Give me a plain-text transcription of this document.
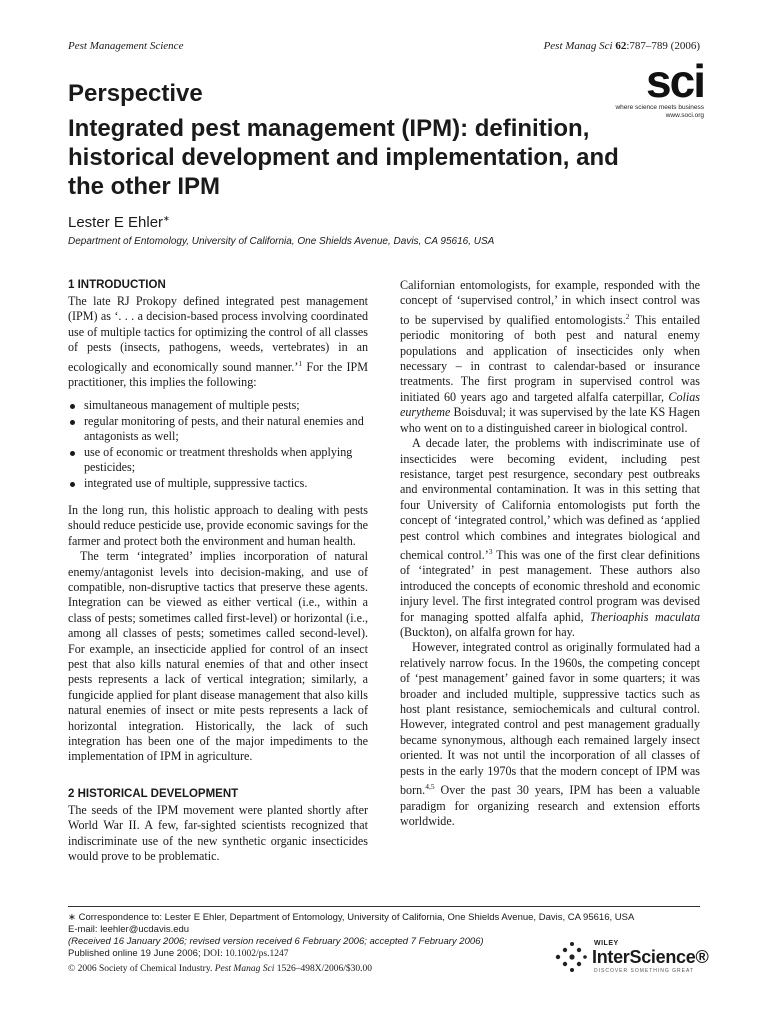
Pest Management Science	Pest Manag Sci 62:787–789 (2006)
sci
where science meets business
www.soci.org
Perspective
Integrated pest management (IPM): definition, historical development and implementation, and the other IPM
Lester E Ehler∗
Department of Entomology, University of California, One Shields Avenue, Davis, CA 95616, USA
1 INTRODUCTION

The late RJ Prokopy defined integrated pest management (IPM) as ‘. . . a decision-based process involving coordinated use of multiple tactics for optimizing the control of all classes of pests (insects, pathogens, weeds, vertebrates) in an ecologically and economically sound manner.’$^1$ For the IPM practitioner, this implies the following:

simultaneous management of multiple pests;
regular monitoring of pests, and their natural enemies and antagonists as well;
use of economic or treatment thresholds when applying pesticides;
integrated use of multiple, suppressive tactics.

In the long run, this holistic approach to dealing with pests should reduce pesticide use, provide economic savings for the farmer and protect both the environment and human health.

The term ‘integrated’ implies incorporation of natural enemy/antagonist levels into decision-making, and use of compatible, non-disruptive tactics that preserve these agents. Integration can be viewed as either vertical (i.e., within a class of pests; sometimes called first-level) or horizontal (i.e., among all classes of pests; sometimes called second-level). For example, an insecticide applied for control of an insect pest that also kills natural enemies of that and other insect pests represents a lack of vertical integration; similarly, a fungicide applied for plant disease management that also kills natural enemies of insect or mite pests represents a lack of horizontal integration. Historically, the lack of such integration has been one of the major impediments to the implementation of IPM in agriculture.

2 HISTORICAL DEVELOPMENT

The seeds of the IPM movement were planted shortly after World War II. A few, far-sighted scientists recognized that indiscriminate use of the new synthetic organic insecticides would prove to be problematic.

Californian entomologists, for example, responded with the concept of ‘supervised control,’ in which insect control was to be supervised by qualified entomologists.$^2$ This entailed periodic monitoring of both pest and natural enemy populations and application of insecticides only when necessary – in contrast to calendar-based or insurance treatments. The first program in supervised control was initiated 60 years ago and targeted alfalfa caterpillar, Colias eurytheme Boisduval; it was supervised by the late KS Hagen who went on to a distinguished career in biological control.

A decade later, the problems with indiscriminate use of insecticides were becoming evident, including pest resistance, target pest resurgence, secondary pest outbreaks and environmental contamination. It was in this setting that four University of California entomologists put forth the concept of ‘integrated control,’ which was defined as ‘applied pest control which combines and integrates biological and chemical control.’$^3$ This was one of the first clear definitions of ‘integrated’ in pest management. These authors also introduced the concepts of economic threshold and economic injury level. The first integrated control program was devised for managing spotted alfalfa aphid, Therioaphis maculata (Buckton), on alfalfa grown for hay.

However, integrated control as originally formulated had a relatively narrow focus. In the 1960s, the competing concept of ‘pest management’ gained favor in some quarters; it was broader and included multiple, suppressive tactics such as host plant resistance, semiochemicals and cultural control. However, integrated control and pest management gradually became synonymous, although each remained largely insect oriented. It was not until the incorporation of all classes of pests in the early 1970s that the modern concept of IPM was born.$^{4,5}$ Over the past 30 years, IPM has been a valuable paradigm for organizing research and extension efforts worldwide.

∗ Correspondence to: Lester E Ehler, Department of Entomology, University of California, One Shields Avenue, Davis, CA 95616, USA
E-mail: leehler@ucdavis.edu
(Received 16 January 2006; revised version received 6 February 2006; accepted 7 February 2006)
Published online 19 June 2006; DOI: 10.1002/ps.1247
© 2006 Society of Chemical Industry. Pest Manag Sci 1526–498X/2006/$30.00
WILEY
InterScience®
DISCOVER SOMETHING GREAT
